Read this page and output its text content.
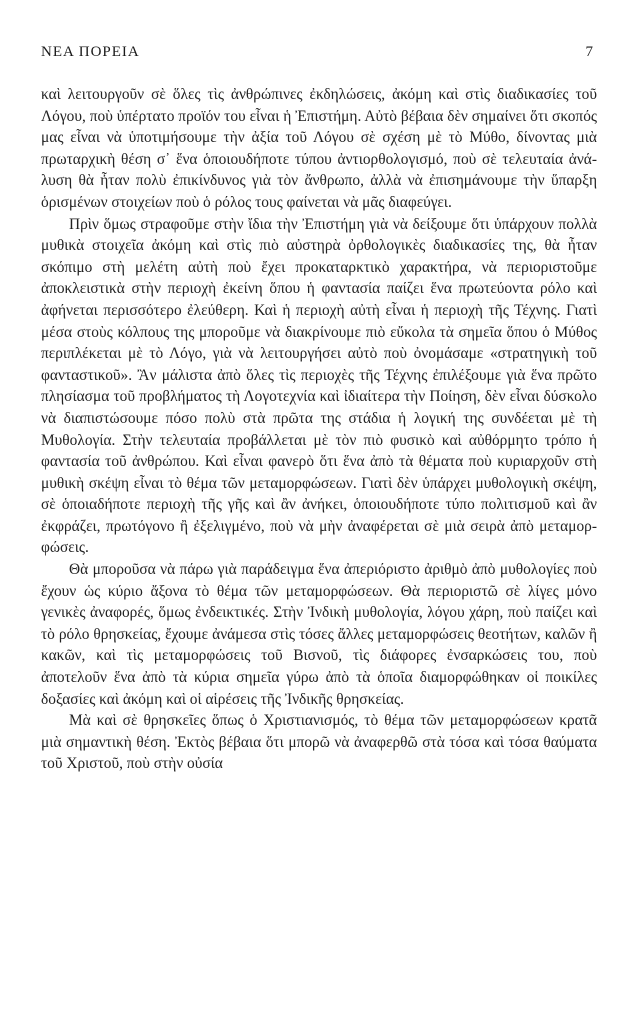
ΝΕΑ ΠΟΡΕΙΑ	7

καὶ λειτουργοῦν σὲ ὅλες τὶς ἀνθρώπινες ἐκδηλώσεις, ἀκόμη καὶ στὶς διαδικασίες τοῦ Λόγου, ποὺ ὑπέρτατο προϊόν του εἶναι ἡ Ἐπιστήμη. Αὐτὸ βέβαια δὲν σημαίνει ὅτι σκοπός μας εἶναι νὰ ὑποτιμήσουμε τὴν ἀξία τοῦ Λόγου σὲ σχέση μὲ τὸ Μύθο, δίνοντας μιὰ πρωταρχικὴ θέση σ᾽ ἕνα ὁποιουδήποτε τύπου ἀντιορθολογισμό, ποὺ σὲ τελευταία ἀνάλυση θὰ ἦταν πολὺ ἐπικίνδυνος γιὰ τὸν ἄνθρωπο, ἀλλὰ νὰ ἐπισημάνουμε τὴν ὕπαρξη ὁρισμένων στοιχείων ποὺ ὁ ρόλος τους φαίνεται νὰ μᾶς διαφεύγει.

Πρὶν ὅμως στραφοῦμε στὴν ἴδια τὴν Ἐπιστήμη γιὰ νὰ δείξουμε ὅτι ὑπάρχουν πολλὰ μυθικὰ στοιχεῖα ἀκόμη καὶ στὶς πιὸ αὐστηρὰ ὀρθολογικὲς διαδικασίες της, θὰ ἦταν σκόπιμο στὴ μελέτη αὐτὴ ποὺ ἔχει προκαταρκτικὸ χαρακτήρα, νὰ περιοριστοῦμε ἀποκλειστικὰ στὴν περιοχὴ ἐκείνη ὅπου ἡ φαντασία παίζει ἕνα πρωτεύοντα ρόλο καὶ ἀφήνεται περισσότερο ἐλεύθερη. Καὶ ἡ περιοχὴ αὐτὴ εἶναι ἡ περιοχὴ τῆς Τέχνης. Γιατὶ μέσα στοὺς κόλπους της μποροῦμε νὰ διακρίνουμε πιὸ εὔκολα τὰ σημεῖα ὅπου ὁ Μύθος περιπλέκεται μὲ τὸ Λόγο, γιὰ νὰ λειτουργήσει αὐτὸ ποὺ ὀνομάσαμε «στρατηγικὴ τοῦ φανταστικοῦ». Ἂν μάλιστα ἀπὸ ὅλες τὶς περιοχὲς τῆς Τέχνης ἐπιλέξουμε γιὰ ἕνα πρῶτο πλησίασμα τοῦ προβλήματος τὴ Λογοτεχνία καὶ ἰδιαίτερα τὴν Ποίηση, δὲν εἶναι δύσκολο νὰ διαπιστώσουμε πόσο πολὺ στὰ πρῶτα της στάδια ἡ λογική της συνδέεται μὲ τὴ Μυθολογία. Στὴν τελευταία προβάλλεται μὲ τὸν πιὸ φυσικὸ καὶ αὐθόρμητο τρόπο ἡ φαντασία τοῦ ἀνθρώπου. Καὶ εἶναι φανερὸ ὅτι ἕνα ἀπὸ τὰ θέματα ποὺ κυριαρχοῦν στὴ μυθικὴ σκέψη εἶναι τὸ θέμα τῶν μεταμορφώσεων. Γιατὶ δὲν ὑπάρχει μυθολογικὴ σκέψη, σὲ ὁποιαδήποτε περιοχὴ τῆς γῆς καὶ ἂν ἀνήκει, ὁποιουδήποτε τύπο πολιτισμοῦ καὶ ἂν ἐκφράζει, πρωτόγονο ἢ ἐξελιγμένο, ποὺ νὰ μὴν ἀναφέρεται σὲ μιὰ σειρὰ ἀπὸ μεταμορφώσεις.

Θὰ μποροῦσα νὰ πάρω γιὰ παράδειγμα ἕνα ἀπεριόριστο ἀριθμὸ ἀπὸ μυθολογίες ποὺ ἔχουν ὡς κύριο ἄξονα τὸ θέμα τῶν μεταμορφώσεων. Θὰ περιοριστῶ σὲ λίγες μόνο γενικὲς ἀναφορές, ὅμως ἐνδεικτικές. Στὴν Ἰνδικὴ μυθολογία, λόγου χάρη, ποὺ παίζει καὶ τὸ ρόλο θρησκείας, ἔχουμε ἀνάμεσα στὶς τόσες ἄλλες μεταμορφώσεις θεοτήτων, καλῶν ἢ κακῶν, καὶ τὶς μεταμορφώσεις τοῦ Βισνοῦ, τὶς διάφορες ἐνσαρκώσεις του, ποὺ ἀποτελοῦν ἕνα ἀπὸ τὰ κύρια σημεῖα γύρω ἀπὸ τὰ ὁποῖα διαμορφώθηκαν οἱ ποικίλες δοξασίες καὶ ἀκόμη καὶ οἱ αἱρέσεις τῆς Ἰνδικῆς θρησκείας.

Μὰ καὶ σὲ θρησκεῖες ὅπως ὁ Χριστιανισμός, τὸ θέμα τῶν μεταμορφώσεων κρατᾶ μιὰ σημαντικὴ θέση. Ἐκτὸς βέβαια ὅτι μπορῶ νὰ ἀναφερθῶ στὰ τόσα καὶ τόσα θαύματα τοῦ Χριστοῦ, ποὺ στὴν οὐσία
